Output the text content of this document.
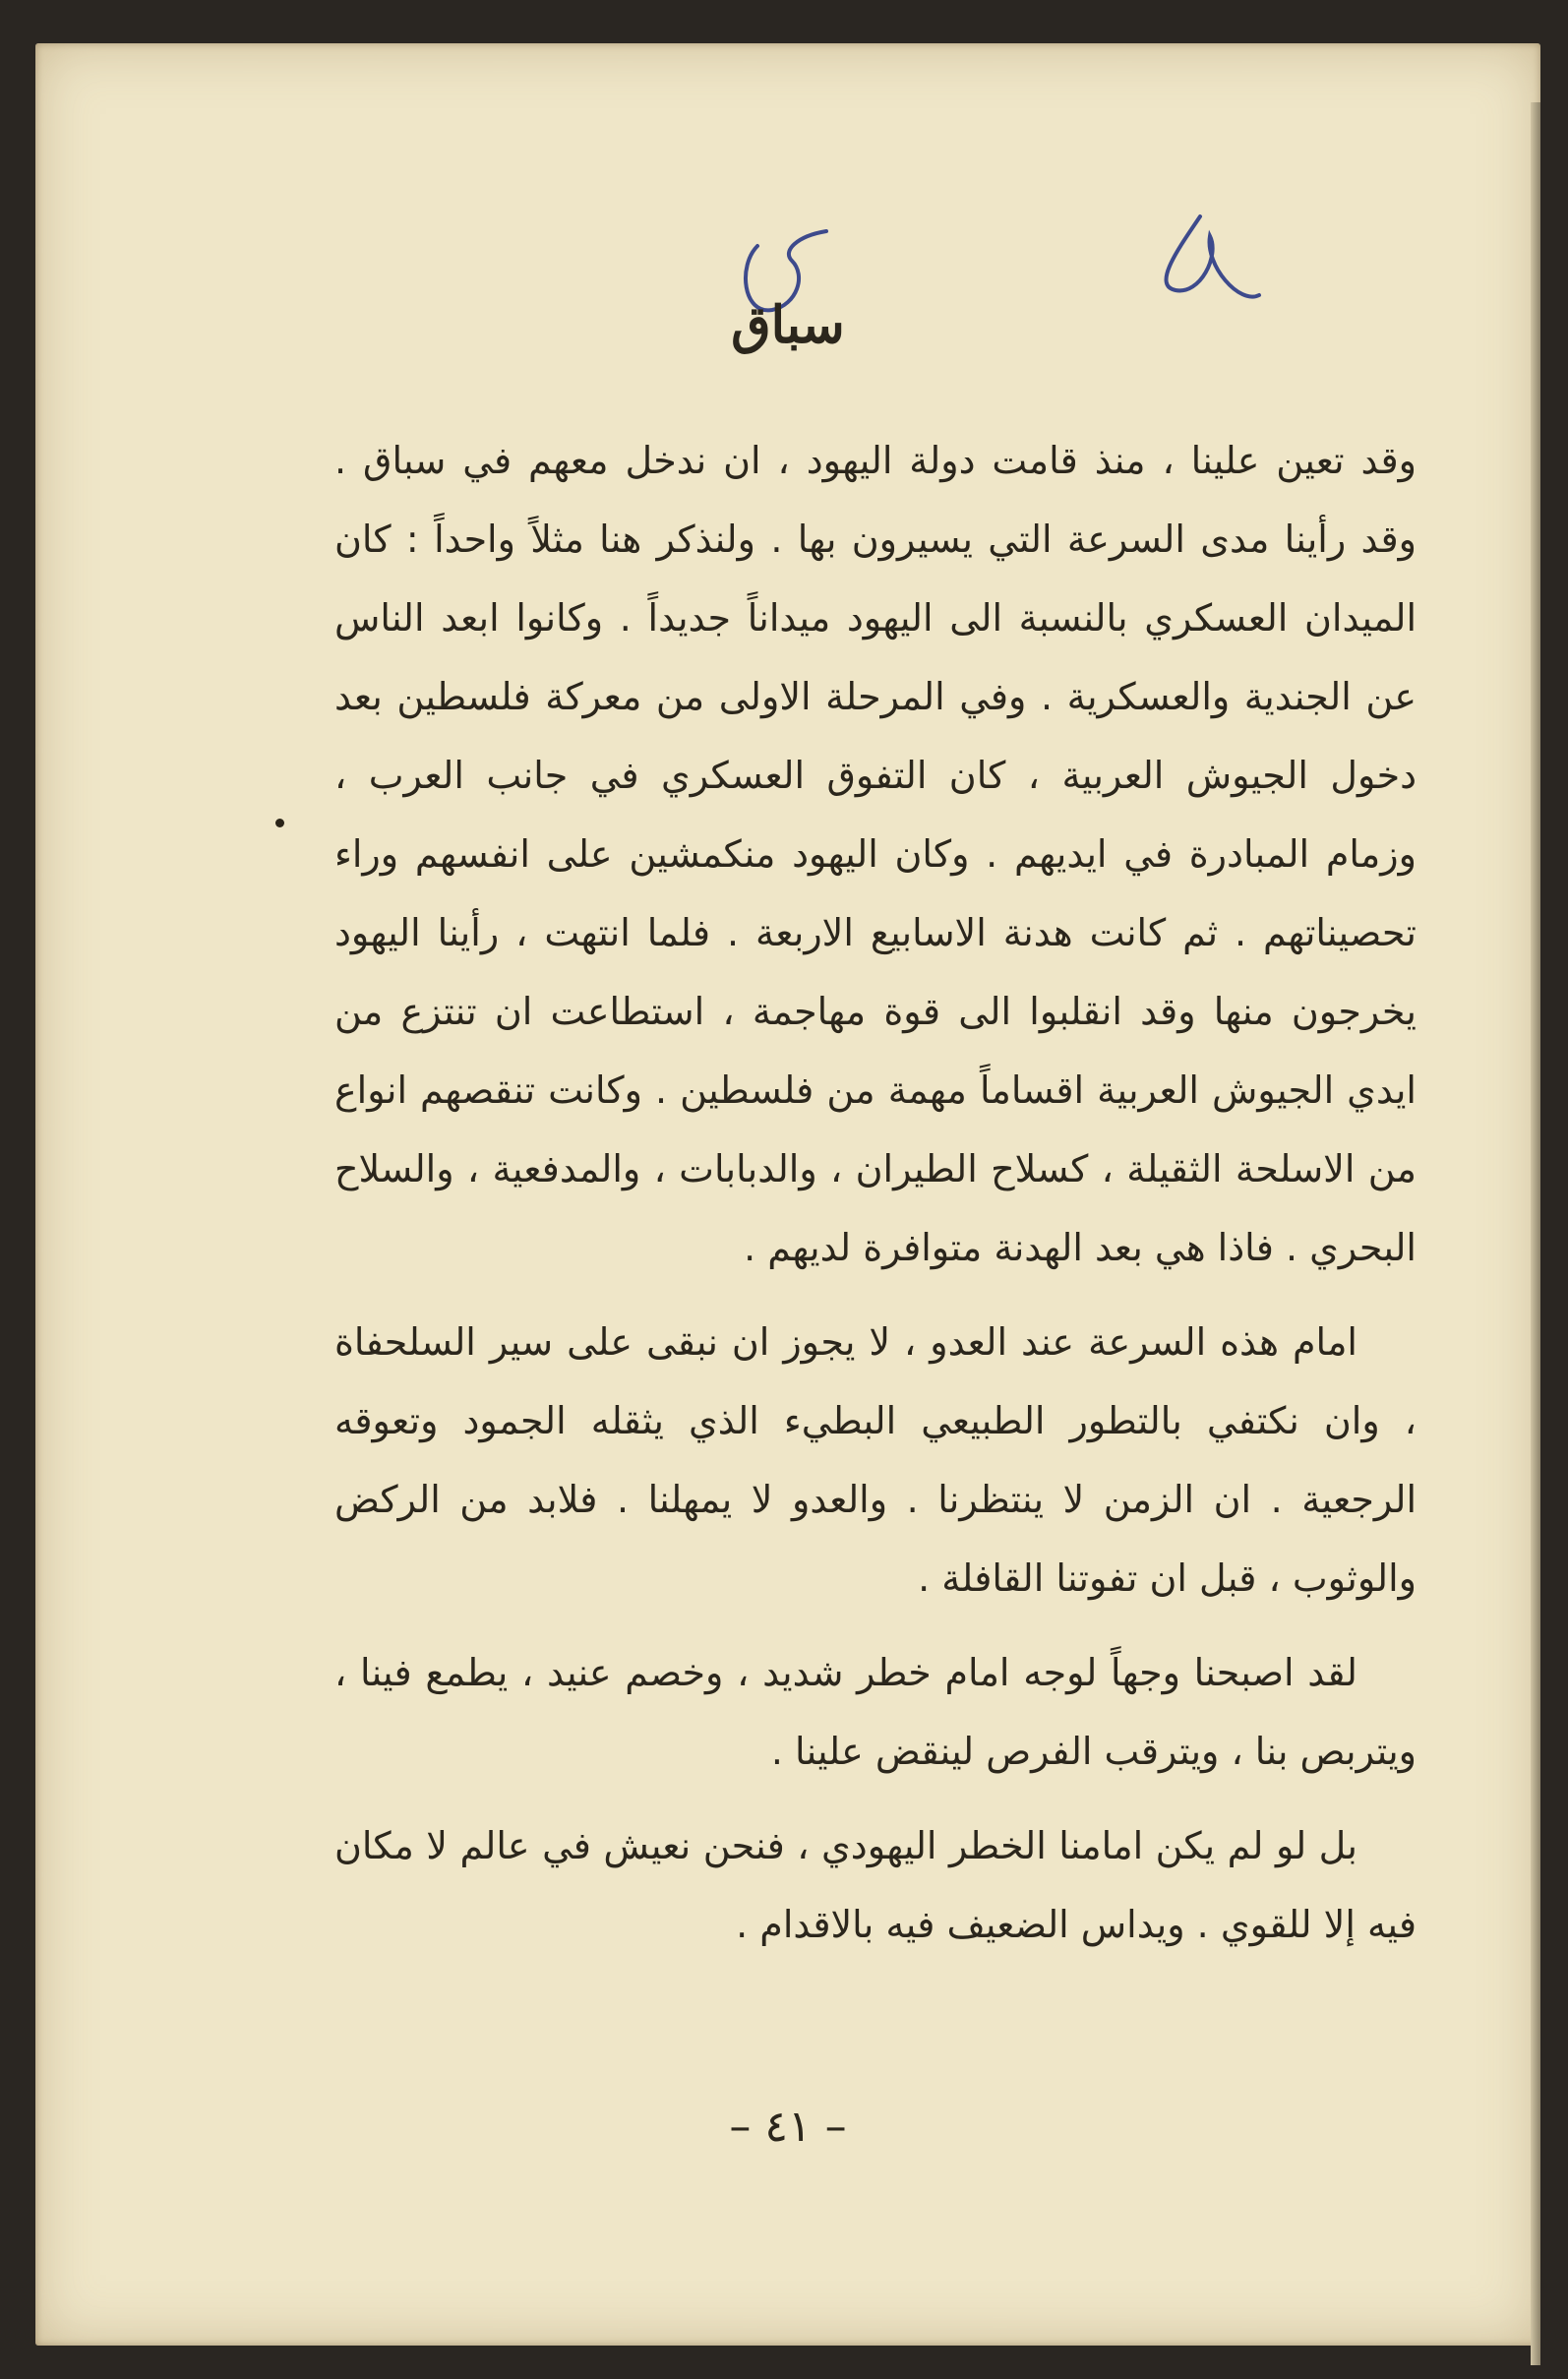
سباق

وقد تعين علينا ، منذ قامت دولة اليهود ، ان ندخل معهم في سباق . وقد رأينا مدى السرعة التي يسيرون بها . ولنذكر هنا مثلاً واحداً : كان الميدان العسكري بالنسبة الى اليهود ميداناً جديداً . وكانوا ابعد الناس عن الجندية والعسكرية . وفي المرحلة الاولى من معركة فلسطين بعد دخول الجيوش العربية ، كان التفوق العسكري في جانب العرب ، وزمام المبادرة في ايديهم . وكان اليهود منكمشين على انفسهم وراء تحصيناتهم . ثم كانت هدنة الاسابيع الاربعة . فلما انتهت ، رأينا اليهود يخرجون منها وقد انقلبوا الى قوة مهاجمة ، استطاعت ان تنتزع من ايدي الجيوش العربية اقساماً مهمة من فلسطين . وكانت تنقصهم انواع من الاسلحة الثقيلة ، كسلاح الطيران ، والدبابات ، والمدفعية ، والسلاح البحري . فاذا هي بعد الهدنة متوافرة لديهم .

امام هذه السرعة عند العدو ، لا يجوز ان نبقى على سير السلحفاة ، وان نكتفي بالتطور الطبيعي البطيء الذي يثقله الجمود وتعوقه الرجعية . ان الزمن لا ينتظرنا . والعدو لا يمهلنا . فلابد من الركض والوثوب ، قبل ان تفوتنا القافلة .

لقد اصبحنا وجهاً لوجه امام خطر شديد ، وخصم عنيد ، يطمع فينا ، ويتربص بنا ، ويترقب الفرص لينقض علينا .

بل لو لم يكن امامنا الخطر اليهودي ، فنحن نعيش في عالم لا مكان فيه إلا للقوي . ويداس الضعيف فيه بالاقدام .

– ٤١ –
